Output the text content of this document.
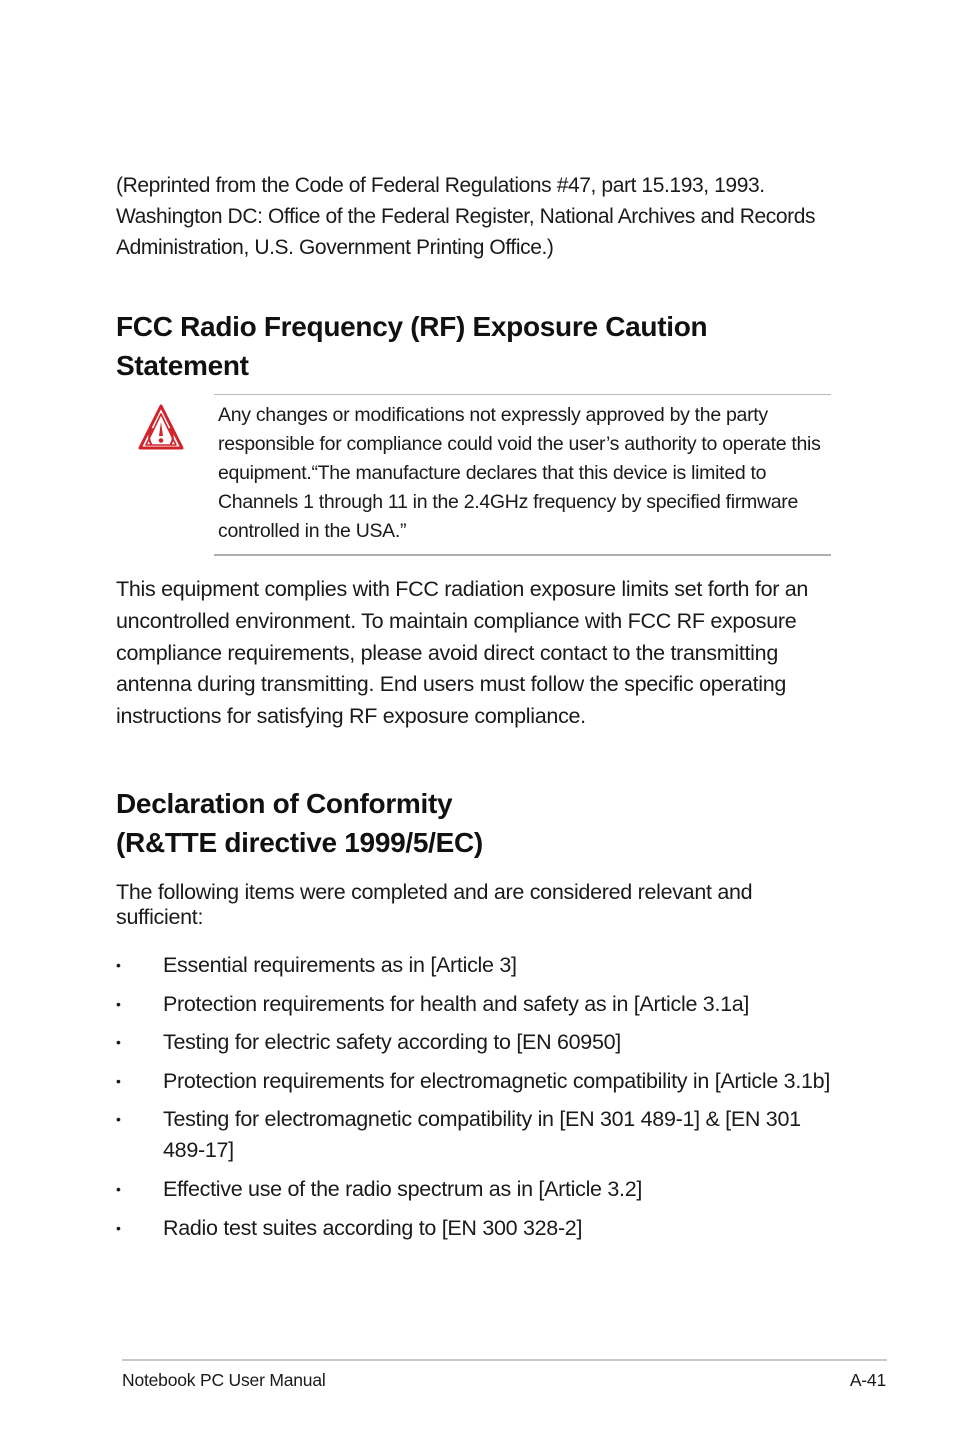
(Reprinted from the Code of Federal Regulations #47, part 15.193, 1993. Washington DC: Office of the Federal Register, National Archives and Records Administration, U.S. Government Printing Office.)

FCC Radio Frequency (RF) Exposure Caution
Statement

Any changes or modifications not expressly approved by the party responsible for compliance could void the user’s authority to operate this equipment.“The manufacture declares that this device is limited to Channels 1 through 11 in the 2.4GHz frequency by specified firmware controlled in the USA.”

This equipment complies with FCC radiation exposure limits set forth for an uncontrolled environment. To maintain compliance with FCC RF exposure compliance requirements, please avoid direct contact to the transmitting antenna during transmitting. End users must follow the specific operating instructions for satisfying RF exposure compliance.

Declaration of Conformity
(R&TTE directive 1999/5/EC)

The following items were completed and are considered relevant and sufficient:

• Essential requirements as in [Article 3]
• Protection requirements for health and safety as in [Article 3.1a]
• Testing for electric safety according to [EN 60950]
• Protection requirements for electromagnetic compatibility in [Article 3.1b]
• Testing for electromagnetic compatibility in [EN 301 489-1] & [EN 301 489-17]
• Effective use of the radio spectrum as in [Article 3.2]
• Radio test suites according to [EN 300 328-2]
Notebook PC User Manual	A-41
